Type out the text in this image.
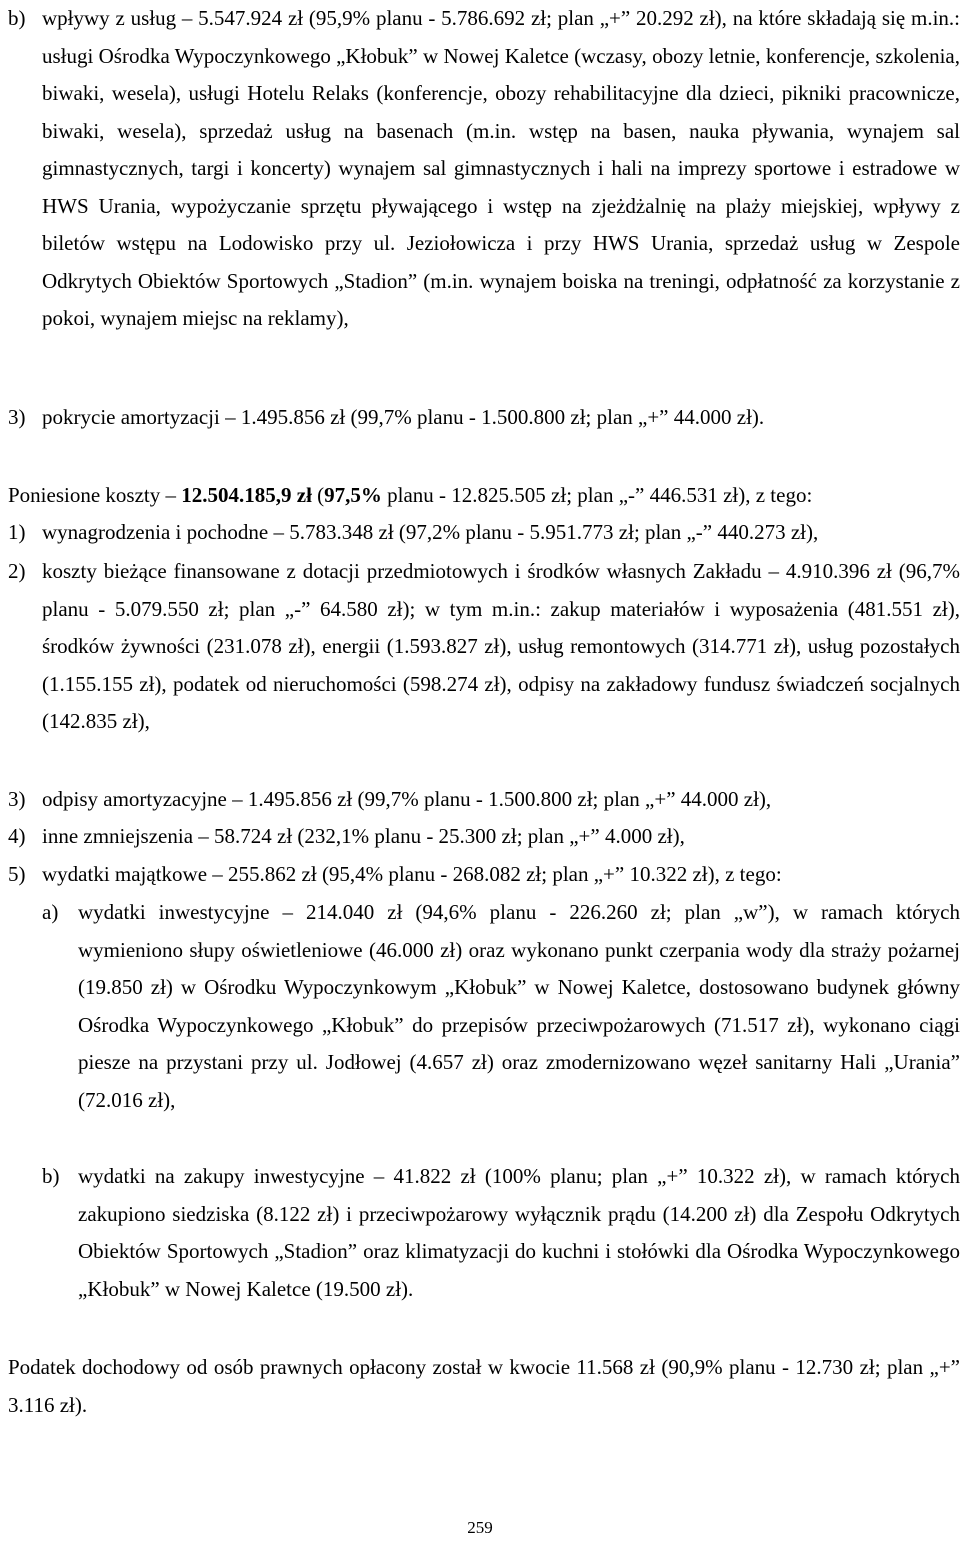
b) wpływy z usług – 5.547.924 zł (95,9% planu - 5.786.692 zł; plan „+” 20.292 zł), na które składają się m.in.: usługi Ośrodka Wypoczynkowego „Kłobuk” w Nowej Kaletce (wczasy, obozy letnie, konferencje, szkolenia, biwaki, wesela), usługi Hotelu Relaks (konferencje, obozy rehabilitacyjne dla dzieci, pikniki pracownicze, biwaki, wesela), sprzedaż usług na basenach (m.in. wstęp na basen, nauka pływania, wynajem sal gimnastycznych, targi i koncerty) wynajem sal gimnastycznych i hali na imprezy sportowe i estradowe w HWS Urania, wypożyczanie sprzętu pływającego i wstęp na zjeżdżalnię na plaży miejskiej, wpływy z biletów wstępu na Lodowisko przy ul. Jeziołowicza i przy HWS Urania, sprzedaż usług w Zespole Odkrytych Obiektów Sportowych „Stadion” (m.in. wynajem boiska na treningi, odpłatność za korzystanie z pokoi, wynajem miejsc na reklamy),
3) pokrycie amortyzacji – 1.495.856 zł (99,7% planu - 1.500.800 zł; plan „+” 44.000 zł).
Poniesione koszty – 12.504.185,9 zł (97,5% planu - 12.825.505 zł; plan „-” 446.531 zł), z tego:
1) wynagrodzenia i pochodne – 5.783.348 zł (97,2% planu - 5.951.773 zł; plan „-” 440.273 zł),
2) koszty bieżące finansowane z dotacji przedmiotowych i środków własnych Zakładu – 4.910.396 zł (96,7% planu - 5.079.550 zł; plan „-” 64.580 zł); w tym m.in.: zakup materiałów i wyposażenia (481.551 zł), środków żywności (231.078 zł), energii (1.593.827 zł), usług remontowych (314.771 zł), usług pozostałych (1.155.155 zł), podatek od nieruchomości (598.274 zł), odpisy na zakładowy fundusz świadczeń socjalnych (142.835 zł),
3) odpisy amortyzacyjne – 1.495.856 zł (99,7% planu - 1.500.800 zł; plan „+” 44.000 zł),
4) inne zmniejszenia – 58.724 zł (232,1% planu - 25.300 zł; plan „+” 4.000 zł),
5) wydatki majątkowe – 255.862 zł (95,4% planu - 268.082 zł; plan „+” 10.322 zł), z tego:
a) wydatki inwestycyjne – 214.040 zł (94,6% planu - 226.260 zł; plan „w”), w ramach których wymieniono słupy oświetleniowe (46.000 zł) oraz wykonano punkt czerpania wody dla straży pożarnej (19.850 zł) w Ośrodku Wypoczynkowym „Kłobuk” w Nowej Kaletce, dostosowano budynek główny Ośrodka Wypoczynkowego „Kłobuk” do przepisów przeciwpożarowych (71.517 zł), wykonano ciągi piesze na przystani przy ul. Jodłowej (4.657 zł) oraz zmodernizowano węzeł sanitarny Hali „Urania” (72.016 zł),
b) wydatki na zakupy inwestycyjne – 41.822 zł (100% planu; plan „+” 10.322 zł), w ramach których zakupiono siedziska (8.122 zł) i przeciwpożarowy wyłącznik prądu (14.200 zł) dla Zespołu Odkrytych Obiektów Sportowych „Stadion” oraz klimatyzacji do kuchni i stołówki dla Ośrodka Wypoczynkowego „Kłobuk” w Nowej Kaletce (19.500 zł).
Podatek dochodowy od osób prawnych opłacony został w kwocie 11.568 zł (90,9% planu - 12.730 zł; plan „+” 3.116 zł).
259
